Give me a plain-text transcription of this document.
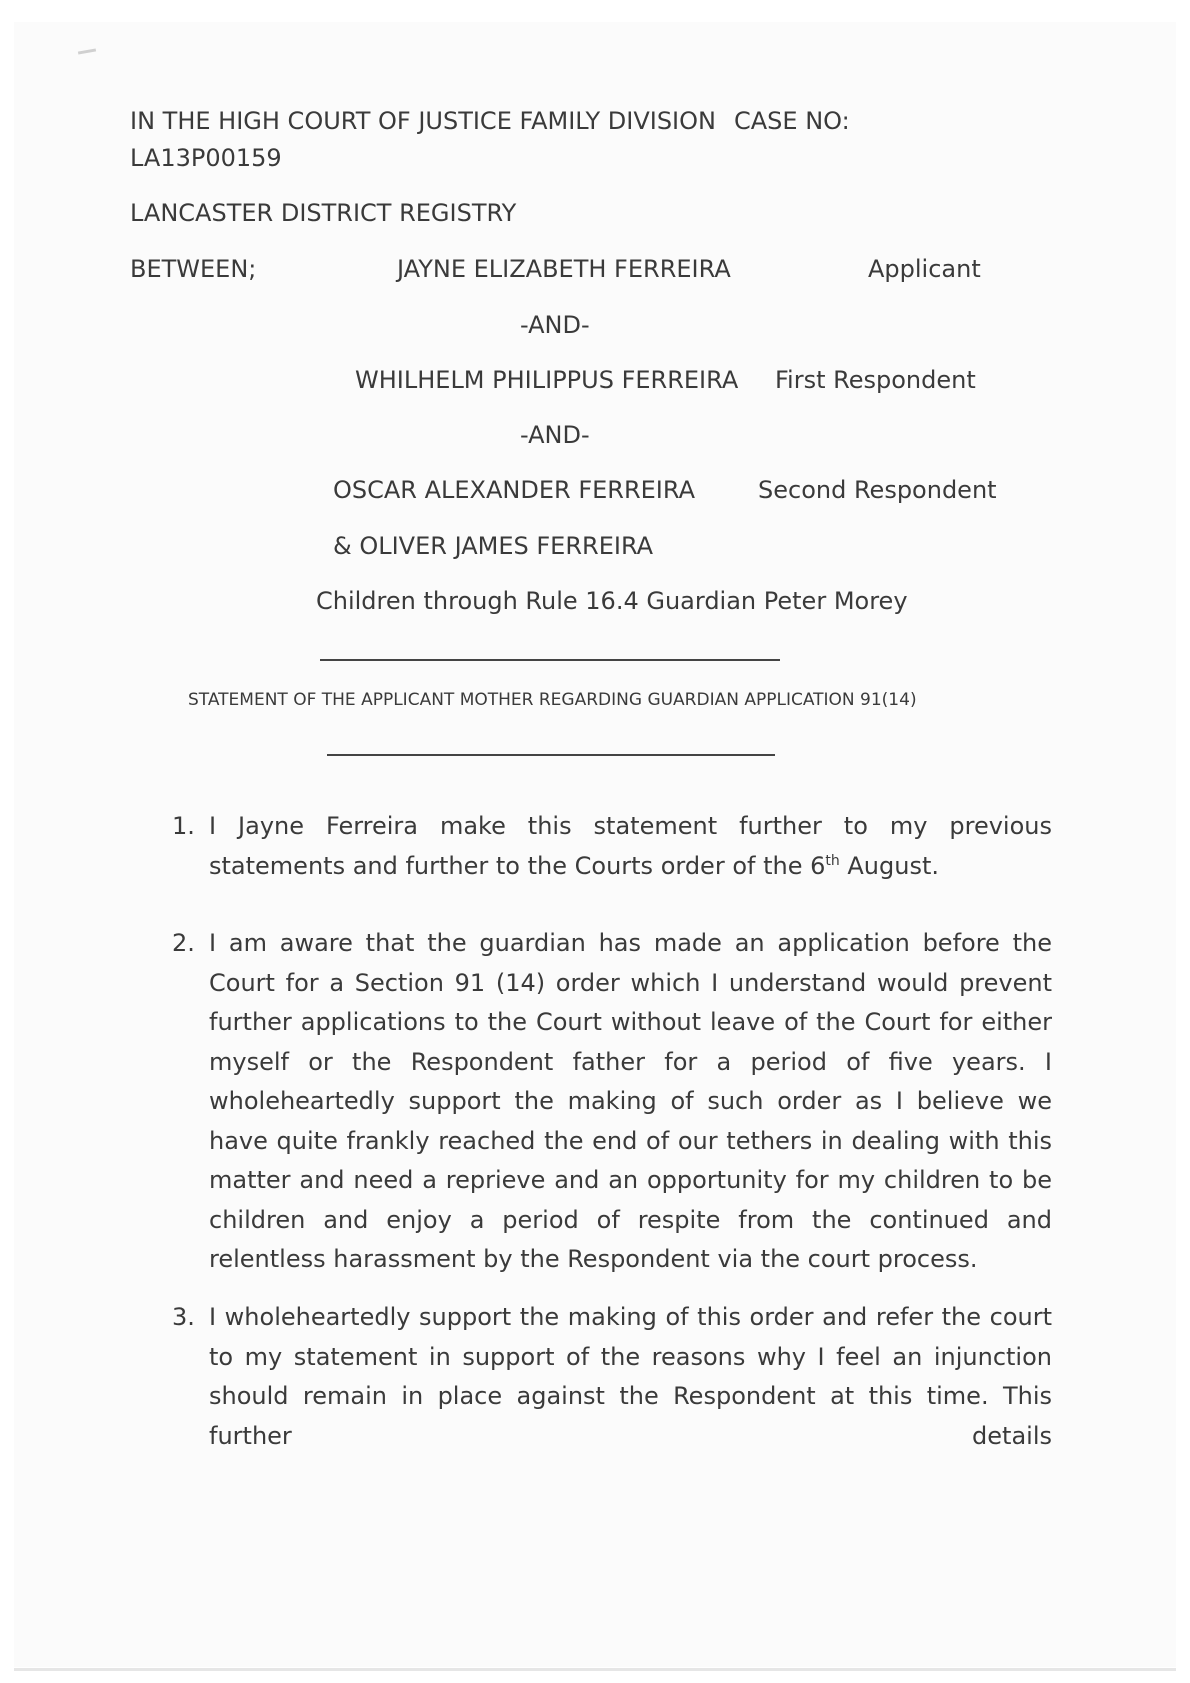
IN THE HIGH COURT OF JUSTICE FAMILY DIVISION CASE NO:
LA13P00159
LANCASTER DISTRICT REGISTRY
BETWEEN;	JAYNE ELIZABETH FERREIRA	Applicant
-AND-
WHILHELM PHILIPPUS FERREIRA First Respondent
-AND-
OSCAR ALEXANDER FERREIRA	Second Respondent
& OLIVER JAMES FERREIRA
Children through Rule 16.4 Guardian Peter Morey
STATEMENT OF THE APPLICANT MOTHER REGARDING GUARDIAN APPLICATION 91(14)
1. I Jayne Ferreira make this statement further to my previous statements and further to the Courts order of the 6th August.
2. I am aware that the guardian has made an application before the Court for a Section 91 (14) order which I understand would prevent further applications to the Court without leave of the Court for either myself or the Respondent father for a period of five years. I wholeheartedly support the making of such order as I believe we have quite frankly reached the end of our tethers in dealing with this matter and need a reprieve and an opportunity for my children to be children and enjoy a period of respite from the continued and relentless harassment by the Respondent via the court process.
3. I wholeheartedly support the making of this order and refer the court to my statement in support of the reasons why I feel an injunction should remain in place against the Respondent at this time. This further details
